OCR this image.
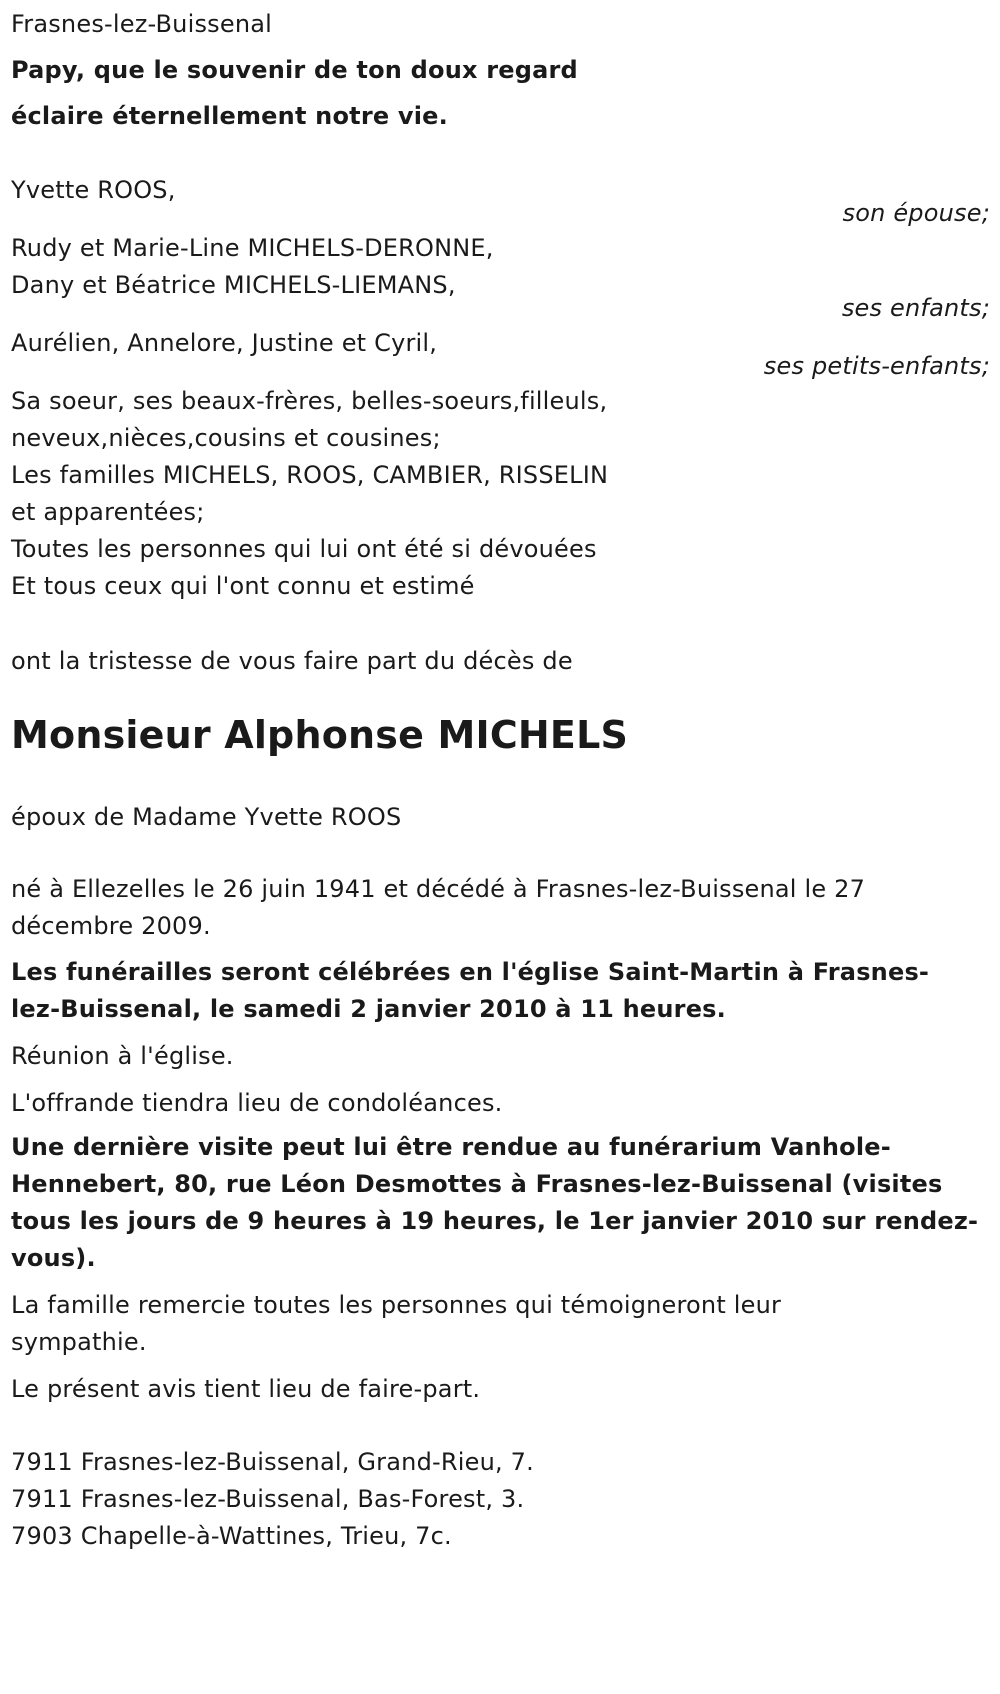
Frasnes-lez-Buissenal
Papy, que le souvenir de ton doux regard
éclaire éternellement notre vie.
Yvette ROOS,
son épouse;
Rudy et Marie-Line MICHELS-DERONNE,
Dany et Béatrice MICHELS-LIEMANS,
ses enfants;
Aurélien, Annelore, Justine et Cyril,
ses petits-enfants;
Sa soeur, ses beaux-frères, belles-soeurs,filleuls,
neveux,nièces,cousins et cousines;
Les familles MICHELS, ROOS, CAMBIER, RISSELIN
et apparentées;
Toutes les personnes qui lui ont été si dévouées
Et tous ceux qui l'ont connu et estimé
ont la tristesse de vous faire part du décès de
Monsieur Alphonse MICHELS
époux de Madame Yvette ROOS
né à Ellezelles le 26 juin 1941 et décédé à Frasnes-lez-Buissenal le 27
décembre 2009.
Les funérailles seront célébrées en l'église Saint-Martin à Frasnes-
lez-Buissenal, le samedi 2 janvier 2010 à 11 heures.
Réunion à l'église.
L'offrande tiendra lieu de condoléances.
Une dernière visite peut lui être rendue au funérarium Vanhole-
Hennebert, 80, rue Léon Desmottes à Frasnes-lez-Buissenal (visites
tous les jours de 9 heures à 19 heures, le 1er janvier 2010 sur rendez-
vous).
La famille remercie toutes les personnes qui témoigneront leur
sympathie.
Le présent avis tient lieu de faire-part.
7911 Frasnes-lez-Buissenal, Grand-Rieu, 7.
7911 Frasnes-lez-Buissenal, Bas-Forest, 3.
7903 Chapelle-à-Wattines, Trieu, 7c.
